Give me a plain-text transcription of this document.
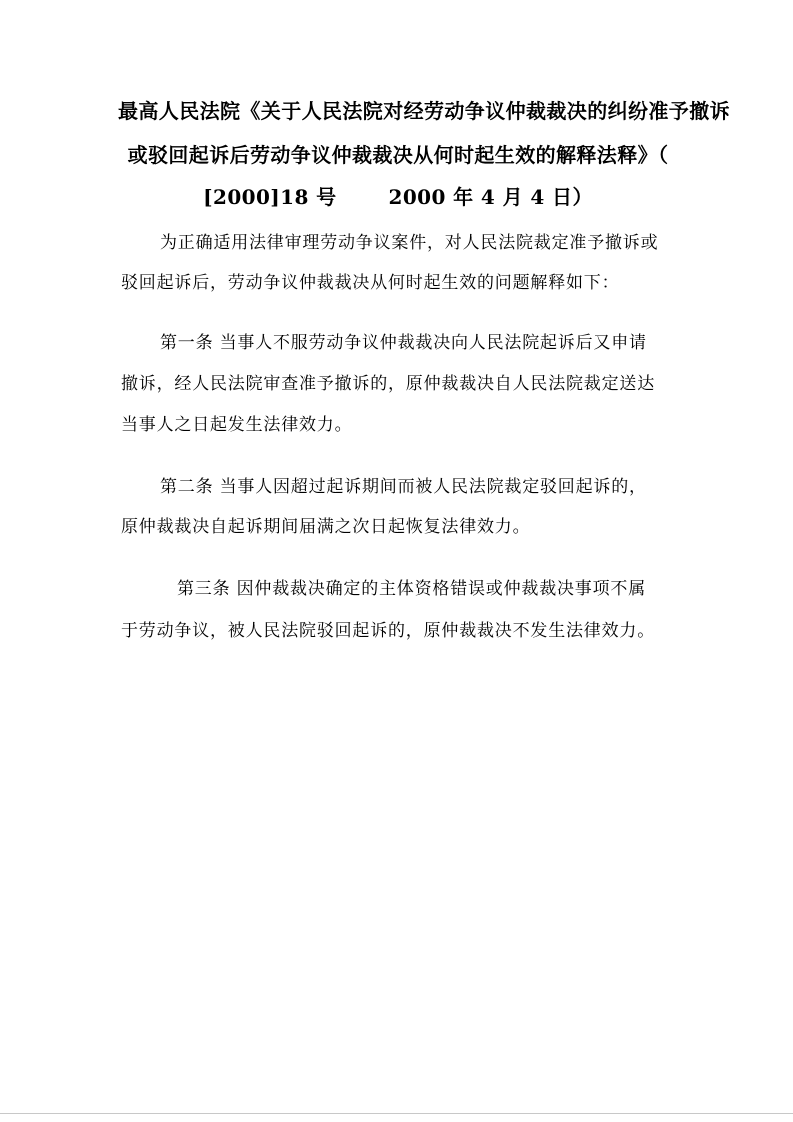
最高人民法院《关于人民法院对经劳动争议仲裁裁决的纠纷准予撤诉
或驳回起诉后劳动争议仲裁裁决从何时起生效的解释法释》（
[2000]18 号	2000 年 4 月 4 日）
为正确适用法律审理劳动争议案件，对人民法院裁定准予撤诉或
驳回起诉后，劳动争议仲裁裁决从何时起生效的问题解释如下：
第一条 当事人不服劳动争议仲裁裁决向人民法院起诉后又申请
撤诉，经人民法院审查准予撤诉的，原仲裁裁决自人民法院裁定送达
当事人之日起发生法律效力。
第二条 当事人因超过起诉期间而被人民法院裁定驳回起诉的，
原仲裁裁决自起诉期间届满之次日起恢复法律效力。
第三条 因仲裁裁决确定的主体资格错误或仲裁裁决事项不属
于劳动争议，被人民法院驳回起诉的，原仲裁裁决不发生法律效力。
